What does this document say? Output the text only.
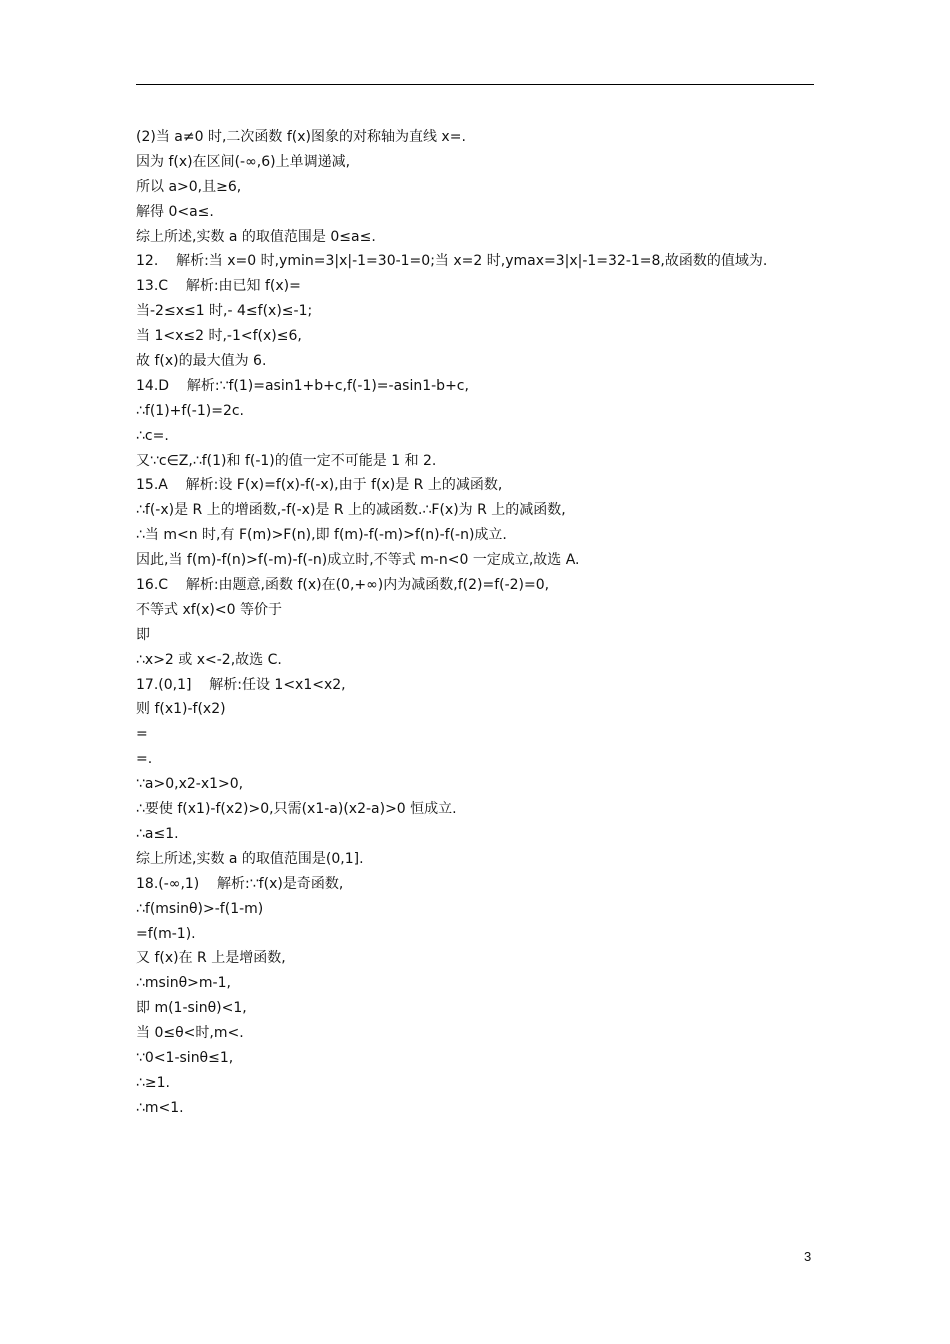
(2)当 a≠0 时,二次函数 f(x)图象的对称轴为直线 x=.
因为 f(x)在区间(-∞,6)上单调递减,
所以 a>0,且≥6,
解得 0<a≤.
综上所述,实数 a 的取值范围是 0≤a≤.
12.    解析:当 x=0 时,ymin=3|x|-1=30-1=0;当 x=2 时,ymax=3|x|-1=32-1=8,故函数的值域为.
13.C    解析:由已知 f(x)=
当-2≤x≤1 时,- 4≤f(x)≤-1;
当 1<x≤2 时,-1<f(x)≤6,
故 f(x)的最大值为 6.
14.D    解析:∵f(1)=asin1+b+c,f(-1)=-asin1-b+c,
∴f(1)+f(-1)=2c.
∴c=.
又∵c∈Z,∴f(1)和 f(-1)的值一定不可能是 1 和 2.
15.A    解析:设 F(x)=f(x)-f(-x),由于 f(x)是 R 上的减函数,
∴f(-x)是 R 上的增函数,-f(-x)是 R 上的减函数.∴F(x)为 R 上的减函数,
∴当 m<n 时,有 F(m)>F(n),即 f(m)-f(-m)>f(n)-f(-n)成立.
因此,当 f(m)-f(n)>f(-m)-f(-n)成立时,不等式 m-n<0 一定成立,故选 A.
16.C    解析:由题意,函数 f(x)在(0,+∞)内为减函数,f(2)=f(-2)=0,
不等式 xf(x)<0 等价于
即
∴x>2 或 x<-2,故选 C.
17.(0,1]    解析:任设 1<x1<x2,
则 f(x1)-f(x2)
=
=.
∵a>0,x2-x1>0,
∴要使 f(x1)-f(x2)>0,只需(x1-a)(x2-a)>0 恒成立.
∴a≤1.
综上所述,实数 a 的取值范围是(0,1].
18.(-∞,1)    解析:∵f(x)是奇函数,
∴f(msinθ)>-f(1-m)
=f(m-1).
又 f(x)在 R 上是增函数,
∴msinθ>m-1,
即 m(1-sinθ)<1,
当 0≤θ<时,m<.
∵0<1-sinθ≤1,
∴≥1.
∴m<1.
3
